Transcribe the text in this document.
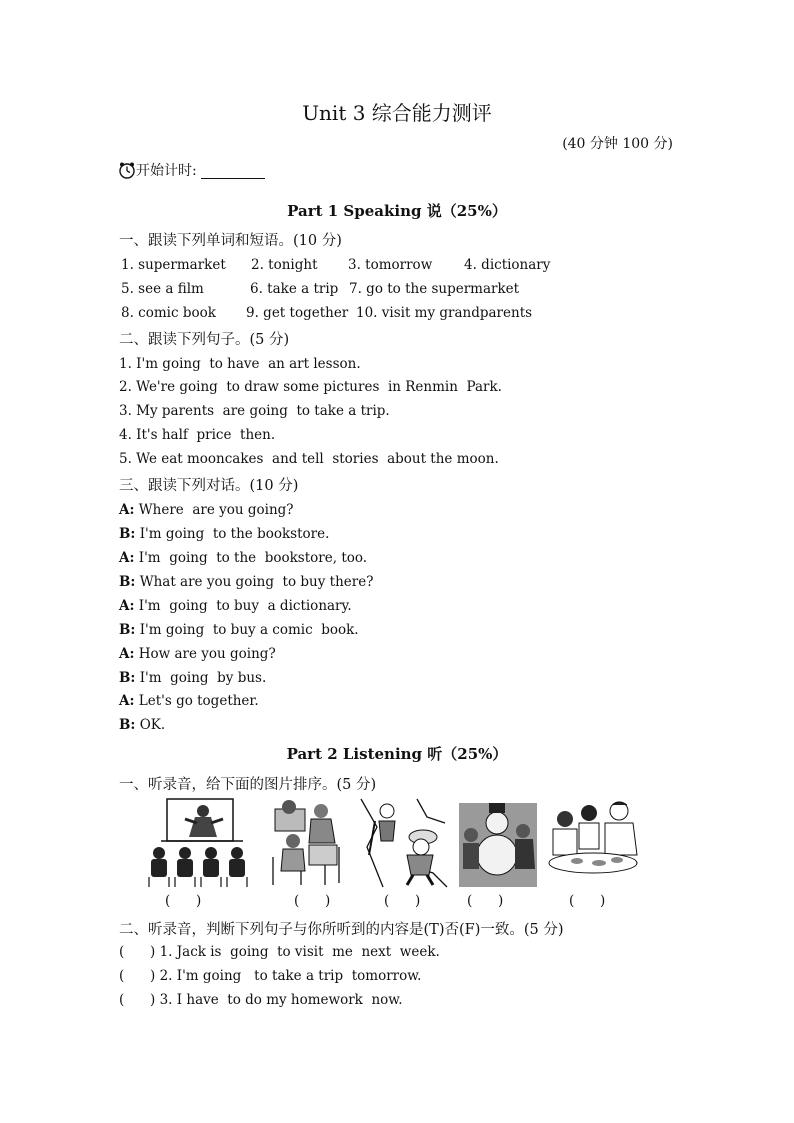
Unit 3 综合能力测评
(40 分钟 100 分)
开始计时:
Part 1 Speaking 说（25%）
一、跟读下列单词和短语。(10 分)
1. supermarket 2. tonight 3. tomorrow 4. dictionary
5. see a film	6. take a trip 7. go to the supermarket
8. comic book 9. get together 10. visit my grandparents
二、跟读下列句子。(5 分)
1. I'm going  to have  an art lesson.
2. We're going  to draw some pictures  in Renmin  Park.
3. My parents  are going  to take a trip.
4. It's half  price  then.
5. We eat mooncakes  and tell  stories  about the moon.
三、跟读下列对话。(10 分)
A: Where  are you going?
B: I'm going  to the bookstore.
A: I'm  going  to the  bookstore, too.
B: What are you going  to buy there?
A: I'm  going  to buy  a dictionary.
B: I'm going  to buy a comic  book.
A: How are you going?
B: I'm  going  by bus.
A: Let's go together.
B: OK.
Part 2 Listening 听（25%）
一、听录音，给下面的图片排序。(5 分)
(      )	(      )	(      )	(      )	(      )
二、听录音，判断下列句子与你所听到的内容是(T)否(F)一致。(5 分)
(      ) 1. Jack is  going  to visit  me  next  week.
(      ) 2. I'm going   to take a trip  tomorrow.
(      ) 3. I have  to do my homework  now.
